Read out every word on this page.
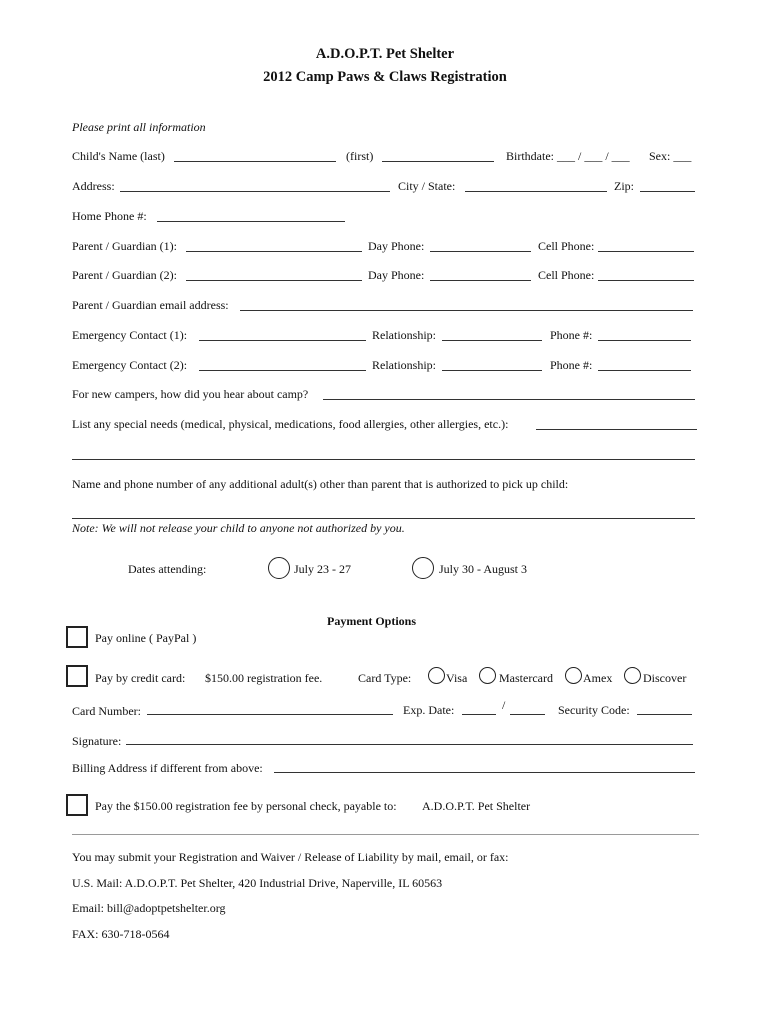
A.D.O.P.T. Pet Shelter
2012 Camp Paws & Claws Registration
Please print all information
Child's Name (last)	(first)	Birthdate: ___ / ___ / ___ Sex: ___
Address:	City / State:	Zip:
Home Phone #:
Parent / Guardian (1):	Day Phone:	Cell Phone:
Parent / Guardian (2):	Day Phone:	Cell Phone:
Parent / Guardian email address:
Emergency Contact (1):	Relationship:	Phone #:
Emergency Contact (2):	Relationship:	Phone #:
For new campers, how did you hear about camp?
List any special needs (medical, physical, medications, food allergies, other allergies, etc.):
Name and phone number of any additional adult(s) other than parent that is authorized to pick up child:
Note: We will not release your child to anyone not authorized by you.
Dates attending:	July 23 - 27	July 30 - August 3
Payment Options
Pay online ( PayPal )
Pay by credit card: $150.00 registration fee.	Card Type:	Visa	Mastercard	Amex	Discover
Card Number:	Exp. Date:	/	Security Code:
Signature:
Billing Address if different from above:
Pay the $150.00 registration fee by personal check, payable to: A.D.O.P.T. Pet Shelter
You may submit your Registration and Waiver / Release of Liability by mail, email, or fax:
U.S. Mail: A.D.O.P.T. Pet Shelter, 420 Industrial Drive, Naperville, IL 60563
Email: bill@adoptpetshelter.org
FAX: 630-718-0564
